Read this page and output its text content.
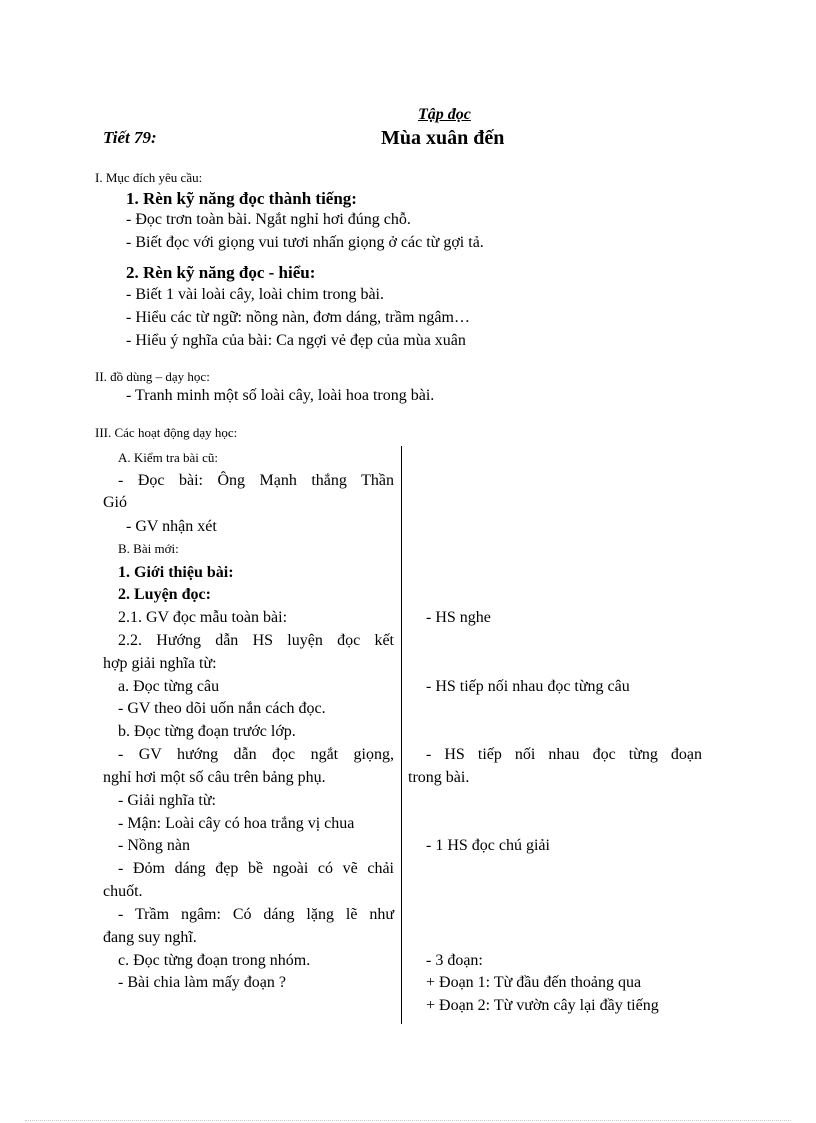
Tập đọc
Tiết 79:	Mùa xuân đến
I. Mục đích yêu cầu:
1. Rèn kỹ năng đọc thành tiếng:
- Đọc trơn toàn bài. Ngắt nghỉ hơi đúng chỗ.
- Biết đọc với giọng vui tươi nhấn giọng ở các từ gợi tả.
2. Rèn kỹ năng đọc - hiểu:
- Biết 1 vài loài cây, loài chim trong bài.
- Hiểu các từ ngữ: nồng nàn, đơm dáng, trầm ngâm…
- Hiểu ý nghĩa của bài: Ca ngợi vẻ đẹp của mùa xuân
II. đồ dùng – dạy học:
- Tranh minh một số loài cây, loài hoa trong bài.
III. Các hoạt động dạy học:
A. Kiểm tra bài cũ:
- Đọc bài: Ông Mạnh thắng Thần
Gió
- GV nhận xét
B. Bài mới:
1. Giới thiệu bài:
2. Luyện đọc:
2.1. GV đọc mẫu toàn bài:
2.2. Hướng dẫn HS luyện đọc kết
hợp giải nghĩa từ:
a. Đọc từng câu
- GV theo dõi uốn nắn cách đọc.
b. Đọc từng đoạn trước lớp.
- GV hướng dẫn đọc ngắt giọng,
nghỉ hơi một số câu trên bảng phụ.
- Giải nghĩa từ:
- Mận: Loài cây có hoa trắng vị chua
- Nồng nàn
- Đỏm dáng đẹp bề ngoài có vẽ chải
chuốt.
- Trầm ngâm: Có dáng lặng lẽ như
đang suy nghĩ.
c. Đọc từng đoạn trong nhóm.
- Bài chia làm mấy đoạn ?
- HS nghe
- HS tiếp nối nhau đọc từng câu
- HS tiếp nối nhau đọc từng đoạn
trong bài.
- 1 HS đọc chú giải
- 3 đoạn:
+ Đoạn 1: Từ đầu đến thoảng qua
+ Đoạn 2: Từ vườn cây lại đầy tiếng
